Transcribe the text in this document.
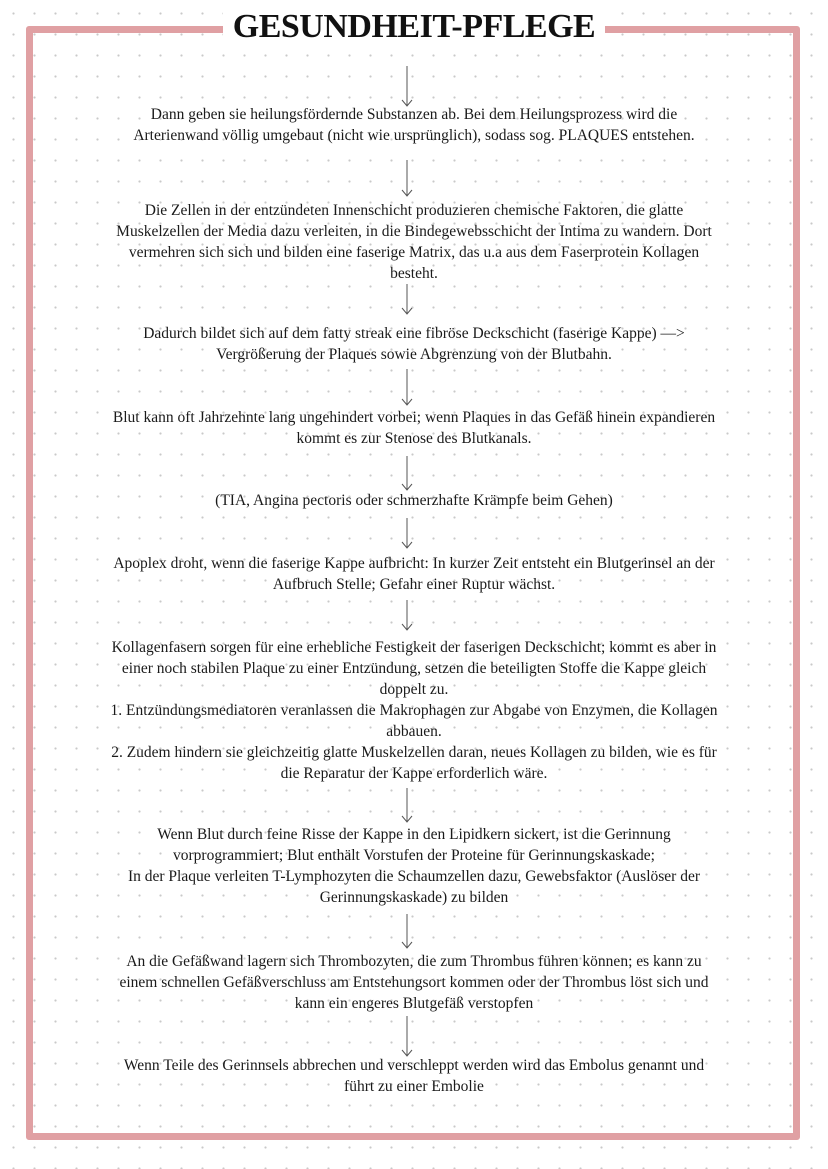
GESUNDHEIT-PFLEGE

Dann geben sie heilungsfördernde Substanzen ab. Bei dem Heilungsprozess wird die
Arterienwand völlig umgebaut (nicht wie ursprünglich), sodass sog. PLAQUES entstehen.

Die Zellen in der entzündeten Innenschicht produzieren chemische Faktoren, die glatte
Muskelzellen der Media dazu verleiten, in die Bindegewebsschicht der Intima zu wandern. Dort
vermehren sich sich und bilden eine faserige Matrix, das u.a aus dem Faserprotein Kollagen
besteht.

Dadurch bildet sich auf dem fatty streak eine fibröse Deckschicht (faserige Kappe) —>
Vergrößerung der Plaques sowie Abgrenzung von der Blutbahn.

Blut kann oft Jahrzehnte lang ungehindert vorbei; wenn Plaques in das Gefäß hinein expandieren
kommt es zur Stenose des Blutkanals.

(TIA, Angina pectoris oder schmerzhafte Krämpfe beim Gehen)

Apoplex droht, wenn die faserige Kappe aufbricht: In kurzer Zeit entsteht ein Blutgerinsel an der
Aufbruch Stelle; Gefahr einer Ruptur wächst.

Kollagenfasern sorgen für eine erhebliche Festigkeit der faserigen Deckschicht; kommt es aber in
einer noch stabilen Plaque zu einer Entzündung, setzen die beteiligten Stoffe die Kappe gleich
doppelt zu.
1. Entzündungsmediatoren veranlassen die Makrophagen zur Abgabe von Enzymen, die Kollagen
abbauen.
2. Zudem hindern sie gleichzeitig glatte Muskelzellen daran, neues Kollagen zu bilden, wie es für
die Reparatur der Kappe erforderlich wäre.

Wenn Blut durch feine Risse der Kappe in den Lipidkern sickert, ist die Gerinnung
vorprogrammiert; Blut enthält Vorstufen der Proteine für Gerinnungskaskade;
In der Plaque verleiten T-Lymphozyten die Schaumzellen dazu, Gewebsfaktor (Auslöser der
Gerinnungskaskade) zu bilden

An die Gefäßwand lagern sich Thrombozyten, die zum Thrombus führen können; es kann zu
einem schnellen Gefäßverschluss am Entstehungsort kommen oder der Thrombus löst sich und
kann ein engeres Blutgefäß verstopfen

Wenn Teile des Gerinnsels abbrechen und verschleppt werden wird das Embolus genannt und
führt zu einer Embolie
